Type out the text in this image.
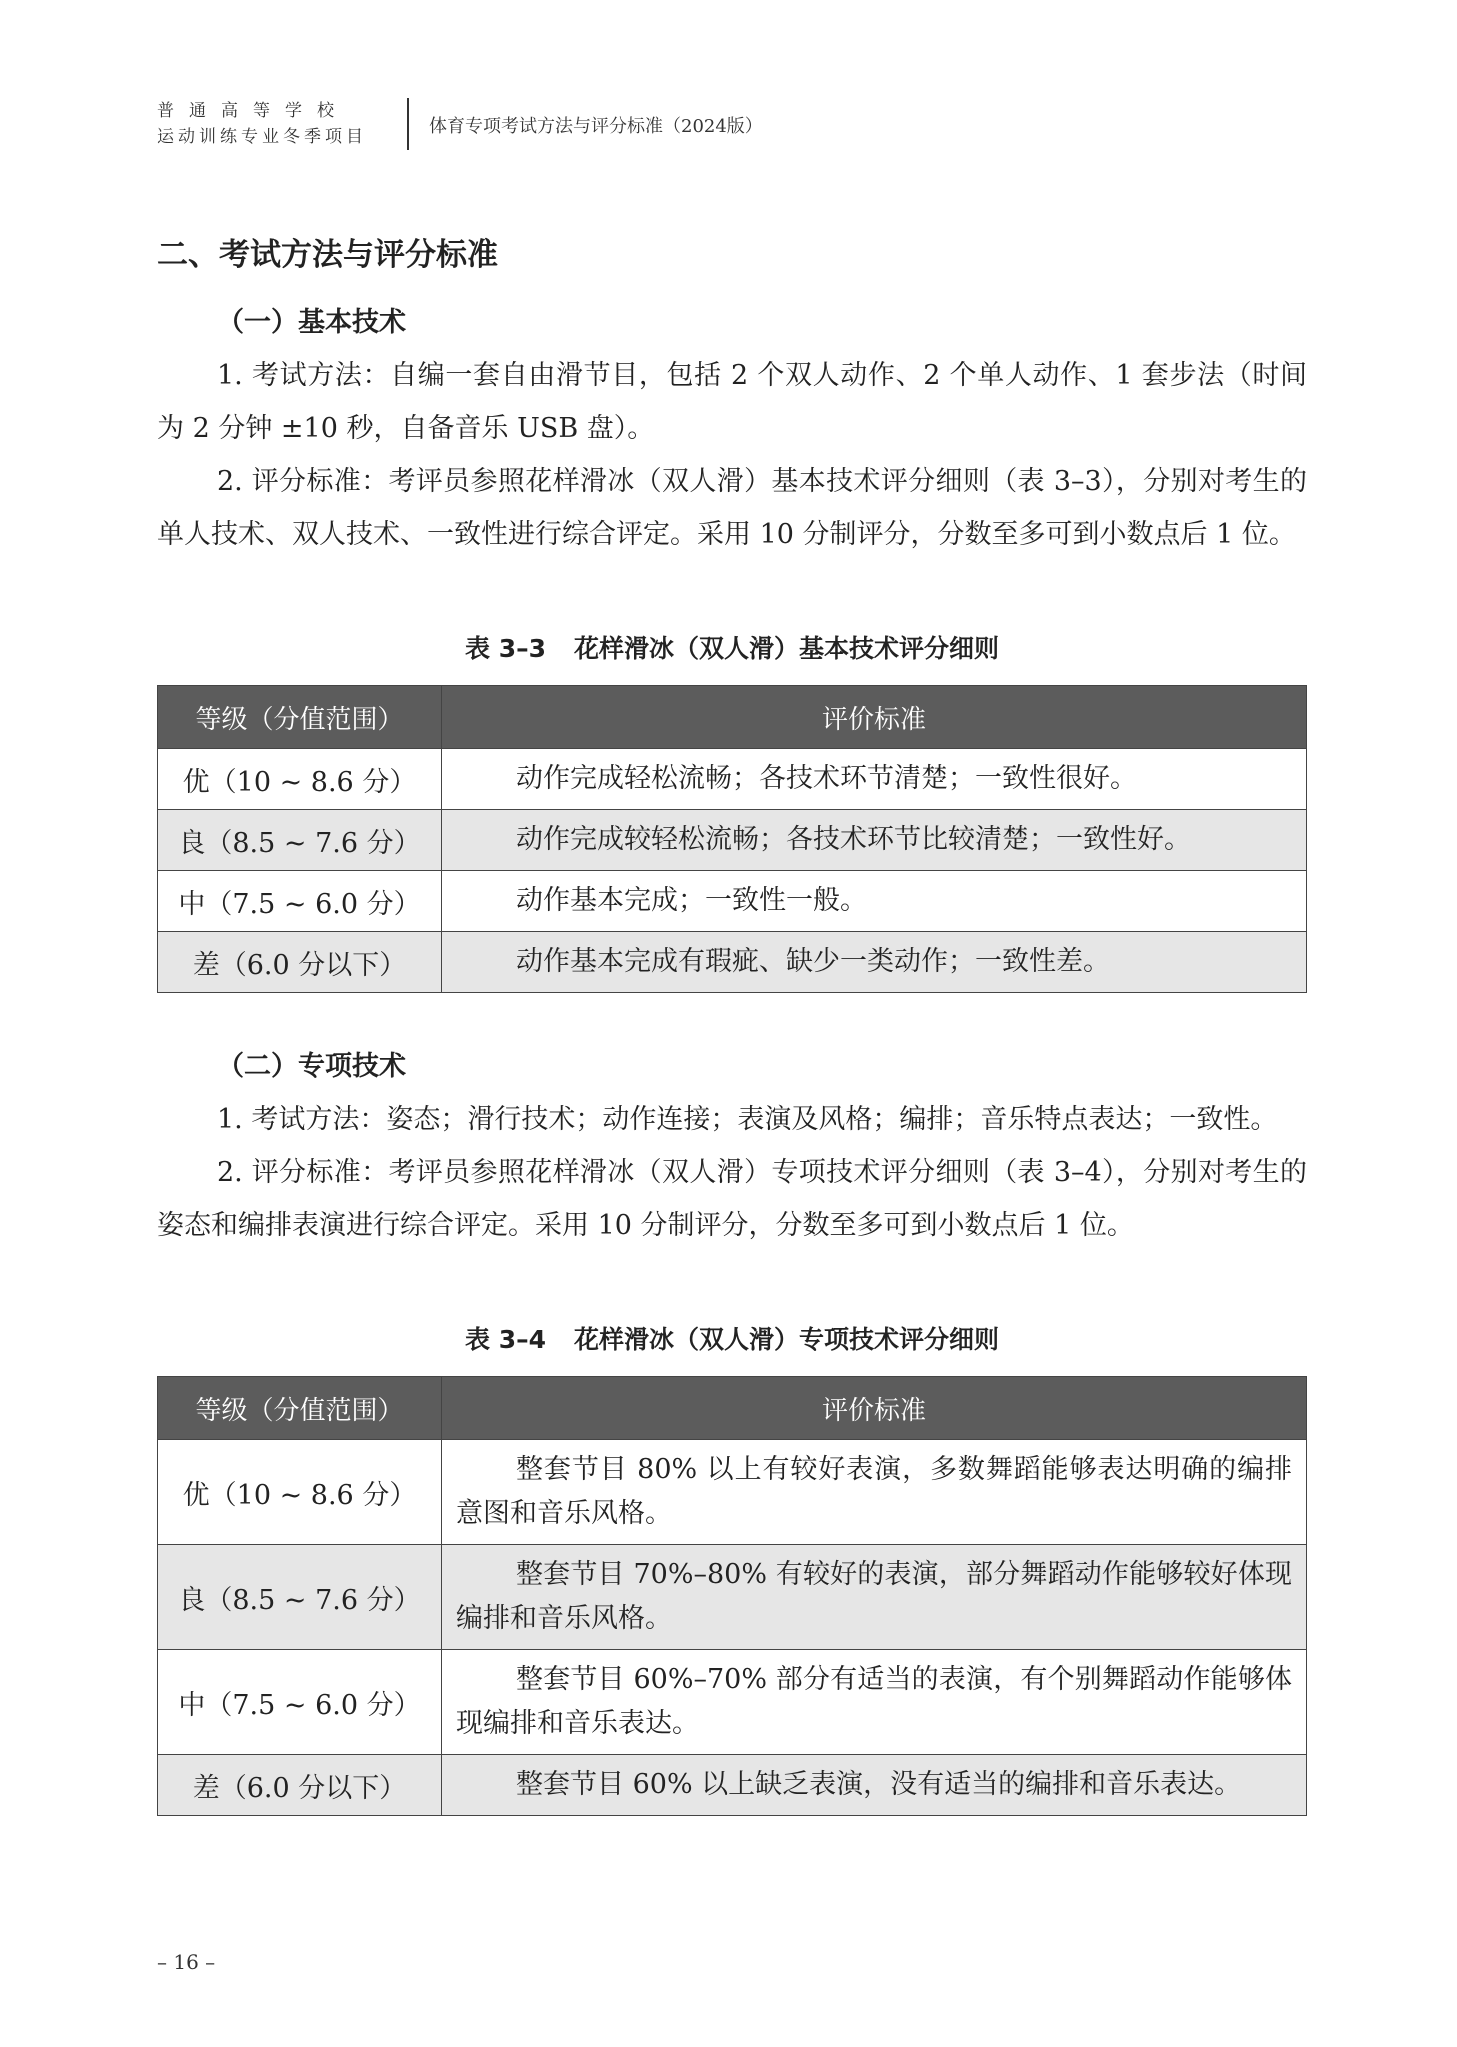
普通高等学校
运动训练专业冬季项目	体育专项考试方法与评分标准（2024版）
二、考试方法与评分标准
（一）基本技术

1. 考试方法：自编一套自由滑节目，包括 2 个双人动作、2 个单人动作、1 套步法（时间为 2 分钟 ±10 秒，自备音乐 USB 盘）。

2. 评分标准：考评员参照花样滑冰（双人滑）基本技术评分细则（表 3–3），分别对考生的单人技术、双人技术、一致性进行综合评定。采用 10 分制评分，分数至多可到小数点后 1 位。

表 3–3 花样滑冰（双人滑）基本技术评分细则
等级（分值范围）	评价标准
优（10 ~ 8.6 分）	动作完成轻松流畅；各技术环节清楚；一致性很好。
良（8.5 ~ 7.6 分）	动作完成较轻松流畅；各技术环节比较清楚；一致性好。
中（7.5 ~ 6.0 分）	动作基本完成；一致性一般。
差（6.0 分以下）	动作基本完成有瑕疵、缺少一类动作；一致性差。
（二）专项技术

1. 考试方法：姿态；滑行技术；动作连接；表演及风格；编排；音乐特点表达；一致性。

2. 评分标准：考评员参照花样滑冰（双人滑）专项技术评分细则（表 3–4），分别对考生的姿态和编排表演进行综合评定。采用 10 分制评分，分数至多可到小数点后 1 位。

表 3–4 花样滑冰（双人滑）专项技术评分细则
等级（分值范围）	评价标准
优（10 ~ 8.6 分）	整套节目 80% 以上有较好表演，多数舞蹈能够表达明确的编排意图和音乐风格。
良（8.5 ~ 7.6 分）	整套节目 70%–80% 有较好的表演，部分舞蹈动作能够较好体现编排和音乐风格。
中（7.5 ~ 6.0 分）	整套节目 60%–70% 部分有适当的表演，有个别舞蹈动作能够体现编排和音乐表达。
差（6.0 分以下）	整套节目 60% 以上缺乏表演，没有适当的编排和音乐表达。
– 16 –
